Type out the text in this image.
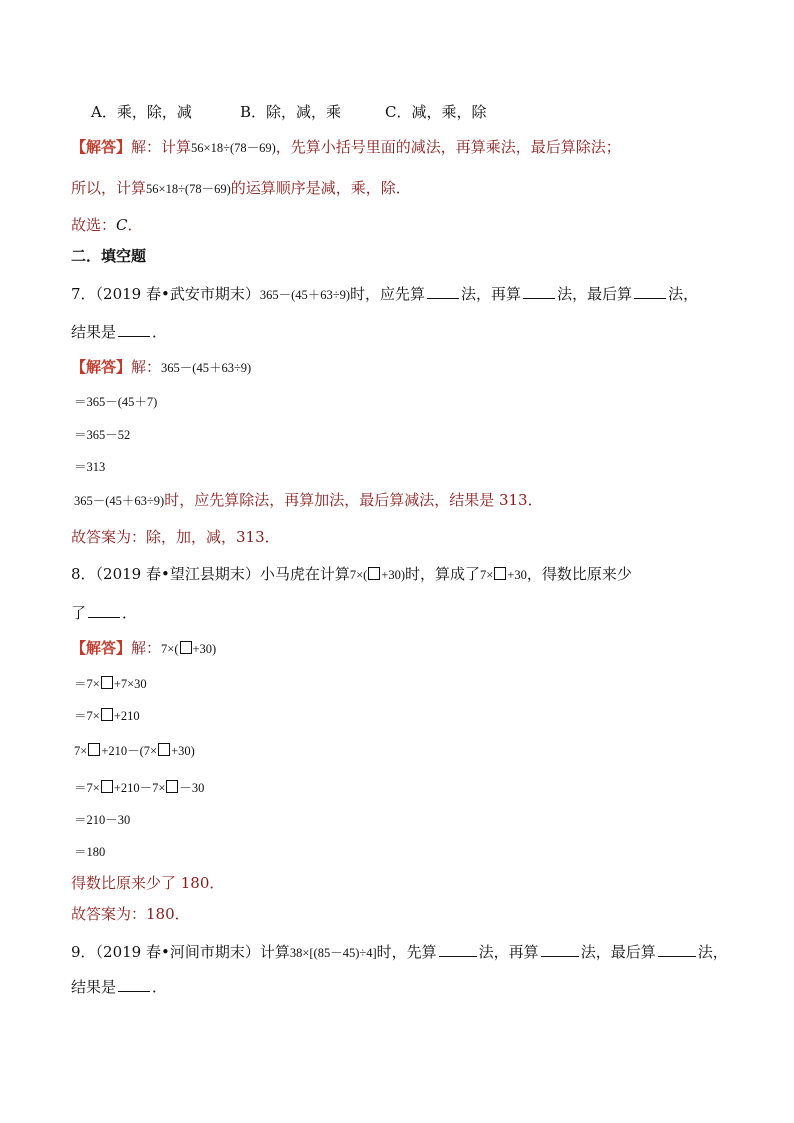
A．乘，除，减	B．除，减，乘	C．减，乘，除
【解答】解：计算56×18÷(78－69)，先算小括号里面的减法，再算乘法，最后算除法；
所以，计算56×18÷(78－69)的运算顺序是减，乘，除．
故选：C．
二．填空题
7．（2019 春•武安市期末）365－(45＋63÷9)时，应先算 法，再算 法，最后算 法，
结果是 ．
【解答】解：365－(45＋63÷9)
＝365－(45＋7)
＝365－52
＝313
365－(45＋63÷9)时，应先算除法，再算加法，最后算减法，结果是 313．
故答案为：除，加，减，313．
8．（2019 春•望江县期末）小马虎在计算7×( +30)时，算成了7× +30，得数比原来少
了 ．
【解答】解：7×( +30)
＝7× +7×30
＝7× +210
7× +210－(7× +30)
＝7× +210－7× －30
＝210－30
＝180
得数比原来少了 180．
故答案为：180．
9．（2019 春•河间市期末）计算38×[(85－45)÷4]时，先算	法，再算	法，最后算	法，
结果是 ．
